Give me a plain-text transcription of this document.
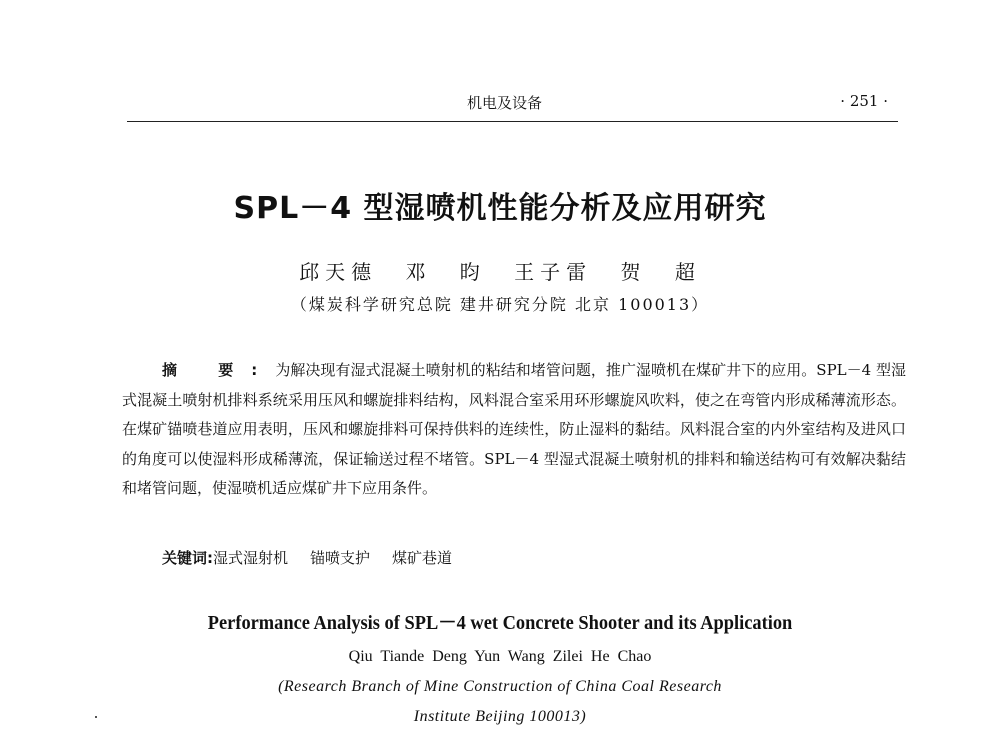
机电及设备	· 251 ·
SPL－4 型湿喷机性能分析及应用研究
邱天德 邓 昀 王子雷 贺 超
（煤炭科学研究总院 建井研究分院 北京 100013）
摘 要:为解决现有湿式混凝土喷射机的粘结和堵管问题，推广湿喷机在煤矿井下的应用。SPL－4 型湿式混凝土喷射机排料系统采用压风和螺旋排料结构，风料混合室采用环形螺旋风吹料，使之在弯管内形成稀薄流形态。在煤矿锚喷巷道应用表明，压风和螺旋排料可保持供料的连续性，防止湿料的黏结。风料混合室的内外室结构及进风口的角度可以使湿料形成稀薄流，保证输送过程不堵管。SPL－4 型湿式混凝土喷射机的排料和输送结构可有效解决黏结和堵管问题，使湿喷机适应煤矿井下应用条件。
关键词:湿式湿射机 锚喷支护 煤矿巷道
Performance Analysis of SPL－4 wet Concrete Shooter and its Application
Qiu Tiande Deng Yun Wang Zilei He Chao
(Research Branch of Mine Construction of China Coal Research
Institute Beijing 100013)
